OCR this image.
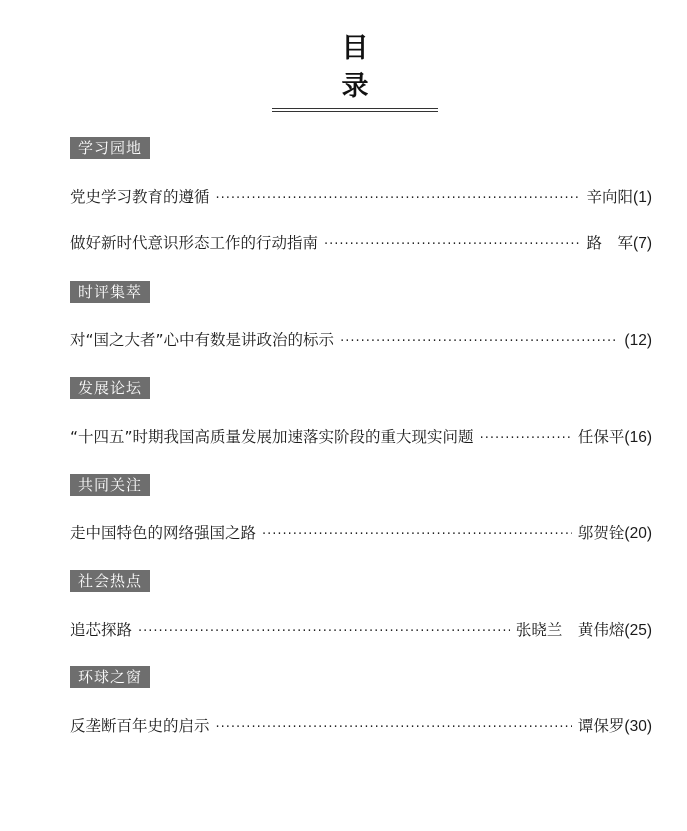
目录
学习园地
党史学习教育的遵循 ·····	辛向阳 (1)
做好新时代意识形态工作的行动指南 ·····	路　军 (7)
时评集萃
对“国之大者”心中有数是讲政治的标示 ·····	(12)
发展论坛
“十四五”时期我国高质量发展加速落实阶段的重大现实问题 ·····	任保平 (16)
共同关注
走中国特色的网络强国之路 ·····	邬贺铨 (20)
社会热点
追芯探路 ·····	张晓兰　黄伟熔 (25)
环球之窗
反垄断百年史的启示 ·····	谭保罗 (30)
